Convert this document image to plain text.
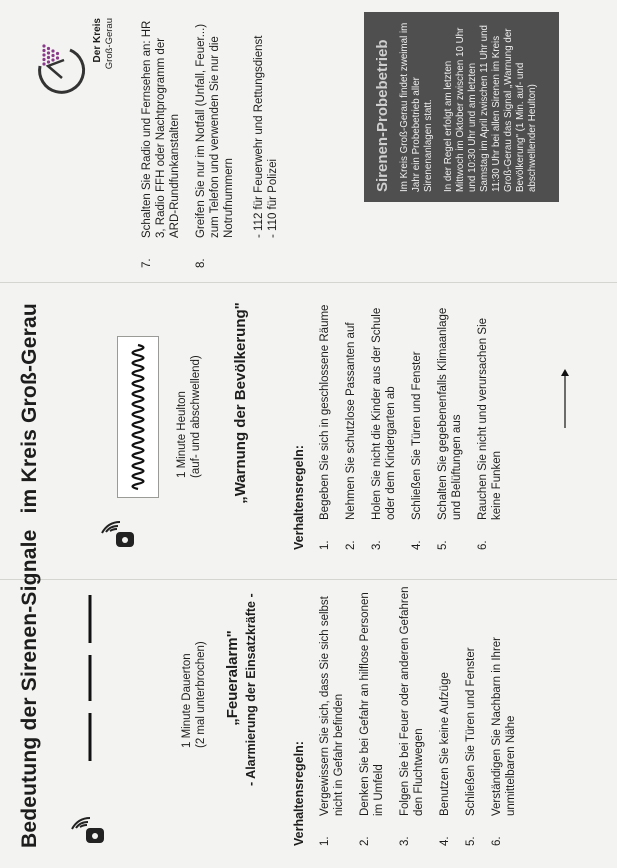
Bedeutung der Sirenen-Signaleim Kreis Groß-Gerau
1 Minute Dauerton (2 mal unterbrochen) „Feueralarm" - Alarmierung der Einsatzkräfte -
Verhaltensregeln: 1.
Vergewissern Sie sich, dass Sie sich selbst nicht in Gefahr befinden
2.
Denken Sie bei Gefahr an hilflose Personen im Umfeld
3.
Folgen Sie bei Feuer oder anderen Gefahren den Fluchtwegen
4.
Benutzen Sie keine Aufzüge
5.
Schließen Sie Türen und Fenster
6.
Verständigen Sie Nachbarn in Ihrer unmittelbaren Nähe
1 Minute Heulton (auf- und abschwellend) „Warnung der Bevölkerung"	Verhaltensregeln: 1.
Begeben Sie sich in geschlossene Räume
2.
Nehmen Sie schutzlose Passanten auf
3.
Holen Sie nicht die Kinder aus der Schule oder dem Kindergarten ab
4.
Schließen Sie Türen und Fenster
5.
Schalten Sie gegebenenfalls Klimaanlage und Belüftungen aus
6.
Rauchen Sie nicht und verursachen Sie keine Funken
7.
Schalten Sie Radio und Fernsehen an: HR 3, Radio FFH oder Nachtprogramm der ARD-Rundfunkanstalten
8.
Greifen Sie nur im Notfall (Unfall, Feuer...) zum Telefon und verwenden Sie nur die Notrufnummern - 112 für Feuerwehr und Rettungsdienst - 110 für Polizei
Sirenen-Probebetrieb Im Kreis Groß-Gerau findet zweimal im Jahr ein Probebetrieb aller Sirenenanlagen statt. In der Regel erfolgt am letzten Mittwoch im Oktober zwischen 10 Uhr und 10:30 Uhr und am letzten Samstag im April zwischen 11 Uhr und 11:30 Uhr bei allen Sirenen im Kreis Groß-Gerau das Signal „Warnung der Bevölkerung" (1 Min. auf- und abschwellender Heulton)

Der Kreis Groß-Gerau
